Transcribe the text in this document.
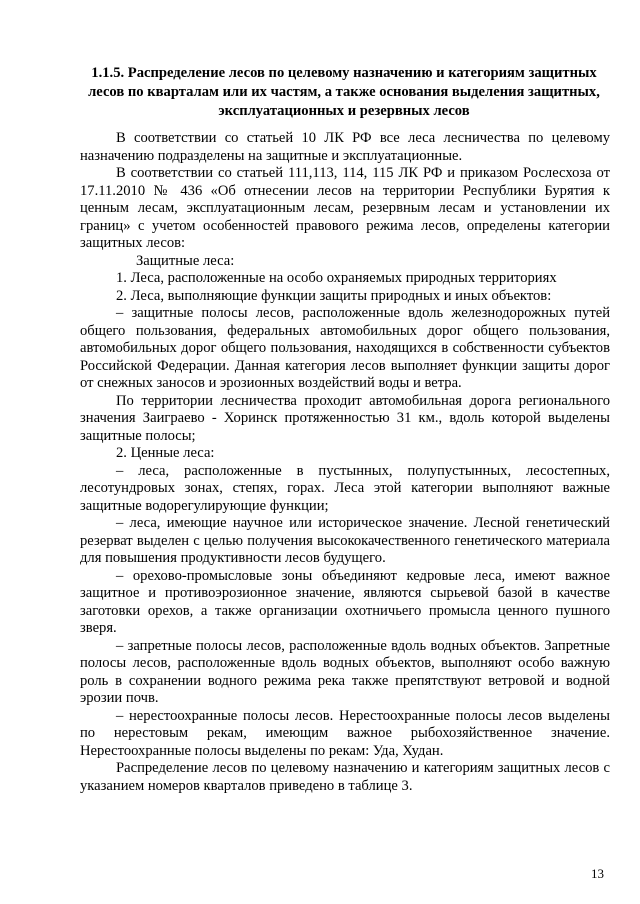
1.1.5. Распределение лесов по целевому назначению и категориям защитных лесов по кварталам или их частям, а также основания выделения защитных, эксплуатационных и резервных лесов

В соответствии со статьей 10 ЛК РФ все леса лесничества по целевому назначению подразделены на защитные и эксплуатационные.

В соответствии со статьей 111,113, 114, 115 ЛК РФ и приказом Рослесхоза от 17.11.2010 № 436 «Об отнесении лесов на территории Республики Бурятия к ценным лесам, эксплуатационным лесам, резервным лесам и установлении их границ» с учетом особенностей правового режима лесов, определены категории защитных лесов:

Защитные леса:

1. Леса, расположенные на особо охраняемых природных территориях

2. Леса, выполняющие функции защиты природных и иных объектов:

– защитные полосы лесов, расположенные вдоль железнодорожных путей общего пользования, федеральных автомобильных дорог общего пользования, автомобильных дорог общего пользования, находящихся в собственности субъектов Российской Федерации. Данная категория лесов выполняет функции защиты дорог от снежных заносов и эрозионных воздействий воды и ветра.

По территории лесничества проходит автомобильная дорога регионального значения Заиграево - Хоринск протяженностью 31 км., вдоль которой выделены защитные полосы;

2. Ценные леса:

– леса, расположенные в пустынных, полупустынных, лесостепных, лесотундровых зонах, степях, горах. Леса этой категории выполняют важные защитные водорегулирующие функции;

– леса, имеющие научное или историческое значение. Лесной генетический резерват выделен с целью получения высококачественного генетического материала для повышения продуктивности лесов будущего.

– орехово-промысловые зоны объединяют кедровые леса, имеют важное защитное и противоэрозионное значение, являются сырьевой базой в качестве заготовки орехов, а также организации охотничьего промысла ценного пушного зверя.

– запретные полосы лесов, расположенные вдоль водных объектов. Запретные полосы лесов, расположенные вдоль водных объектов, выполняют особо важную роль в сохранении водного режима река также препятствуют ветровой и водной эрозии почв.

– нерестоохранные полосы лесов. Нерестоохранные полосы лесов выделены по нерестовым рекам, имеющим важное рыбохозяйственное значение. Нерестоохранные полосы выделены по рекам: Уда, Худан.

Распределение лесов по целевому назначению и категориям защитных лесов с указанием номеров кварталов приведено в таблице 3.

13
